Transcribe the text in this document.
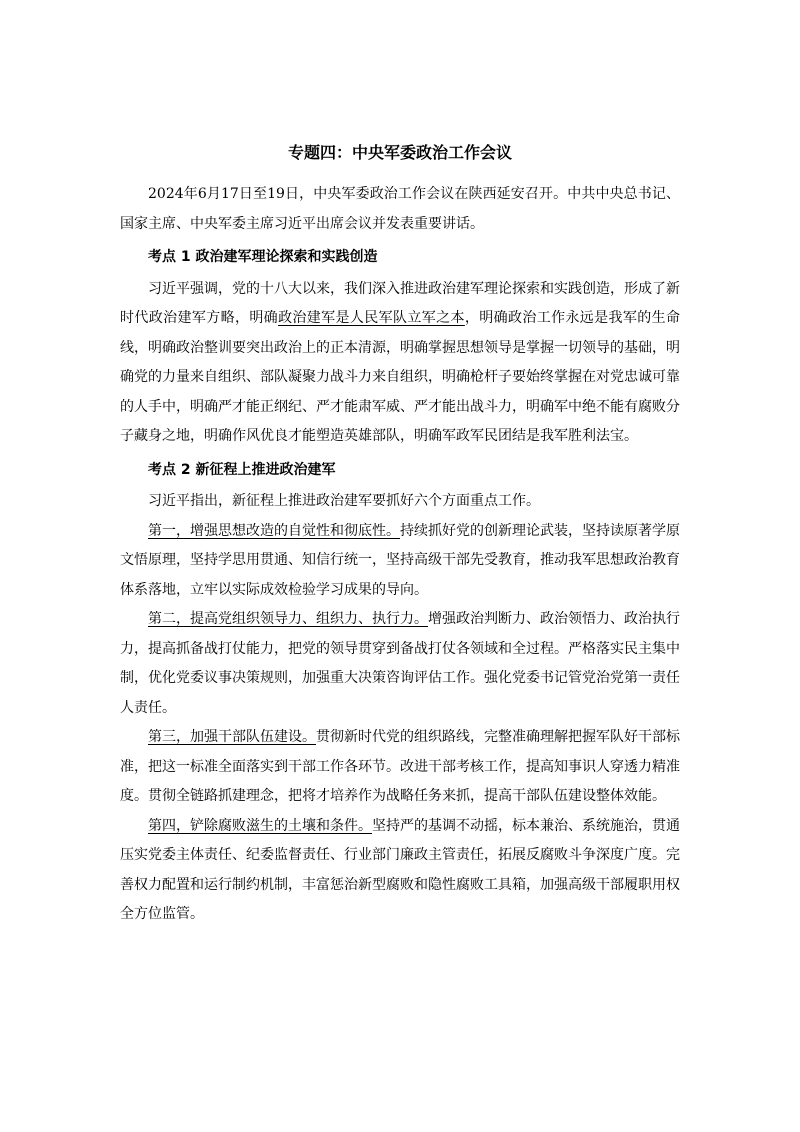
专题四：中央军委政治工作会议

2024年6月17日至19日，中央军委政治工作会议在陕西延安召开。中共中央总书记、国家主席、中央军委主席习近平出席会议并发表重要讲话。

考点 1 政治建军理论探索和实践创造

习近平强调，党的十八大以来，我们深入推进政治建军理论探索和实践创造，形成了新时代政治建军方略，明确政治建军是人民军队立军之本，明确政治工作永远是我军的生命线，明确政治整训要突出政治上的正本清源，明确掌握思想领导是掌握一切领导的基础，明确党的力量来自组织、部队凝聚力战斗力来自组织，明确枪杆子要始终掌握在对党忠诚可靠的人手中，明确严才能正纲纪、严才能肃军威、严才能出战斗力，明确军中绝不能有腐败分子藏身之地，明确作风优良才能塑造英雄部队，明确军政军民团结是我军胜利法宝。

考点 2 新征程上推进政治建军

习近平指出，新征程上推进政治建军要抓好六个方面重点工作。

第一，增强思想改造的自觉性和彻底性。持续抓好党的创新理论武装，坚持读原著学原文悟原理，坚持学思用贯通、知信行统一，坚持高级干部先受教育，推动我军思想政治教育体系落地，立牢以实际成效检验学习成果的导向。

第二，提高党组织领导力、组织力、执行力。增强政治判断力、政治领悟力、政治执行力，提高抓备战打仗能力，把党的领导贯穿到备战打仗各领域和全过程。严格落实民主集中制，优化党委议事决策规则，加强重大决策咨询评估工作。强化党委书记管党治党第一责任人责任。

第三，加强干部队伍建设。贯彻新时代党的组织路线，完整准确理解把握军队好干部标准，把这一标准全面落实到干部工作各环节。改进干部考核工作，提高知事识人穿透力精准度。贯彻全链路抓建理念，把将才培养作为战略任务来抓，提高干部队伍建设整体效能。

第四，铲除腐败滋生的土壤和条件。坚持严的基调不动摇，标本兼治、系统施治，贯通压实党委主体责任、纪委监督责任、行业部门廉政主管责任，拓展反腐败斗争深度广度。完善权力配置和运行制约机制，丰富惩治新型腐败和隐性腐败工具箱，加强高级干部履职用权全方位监管。
